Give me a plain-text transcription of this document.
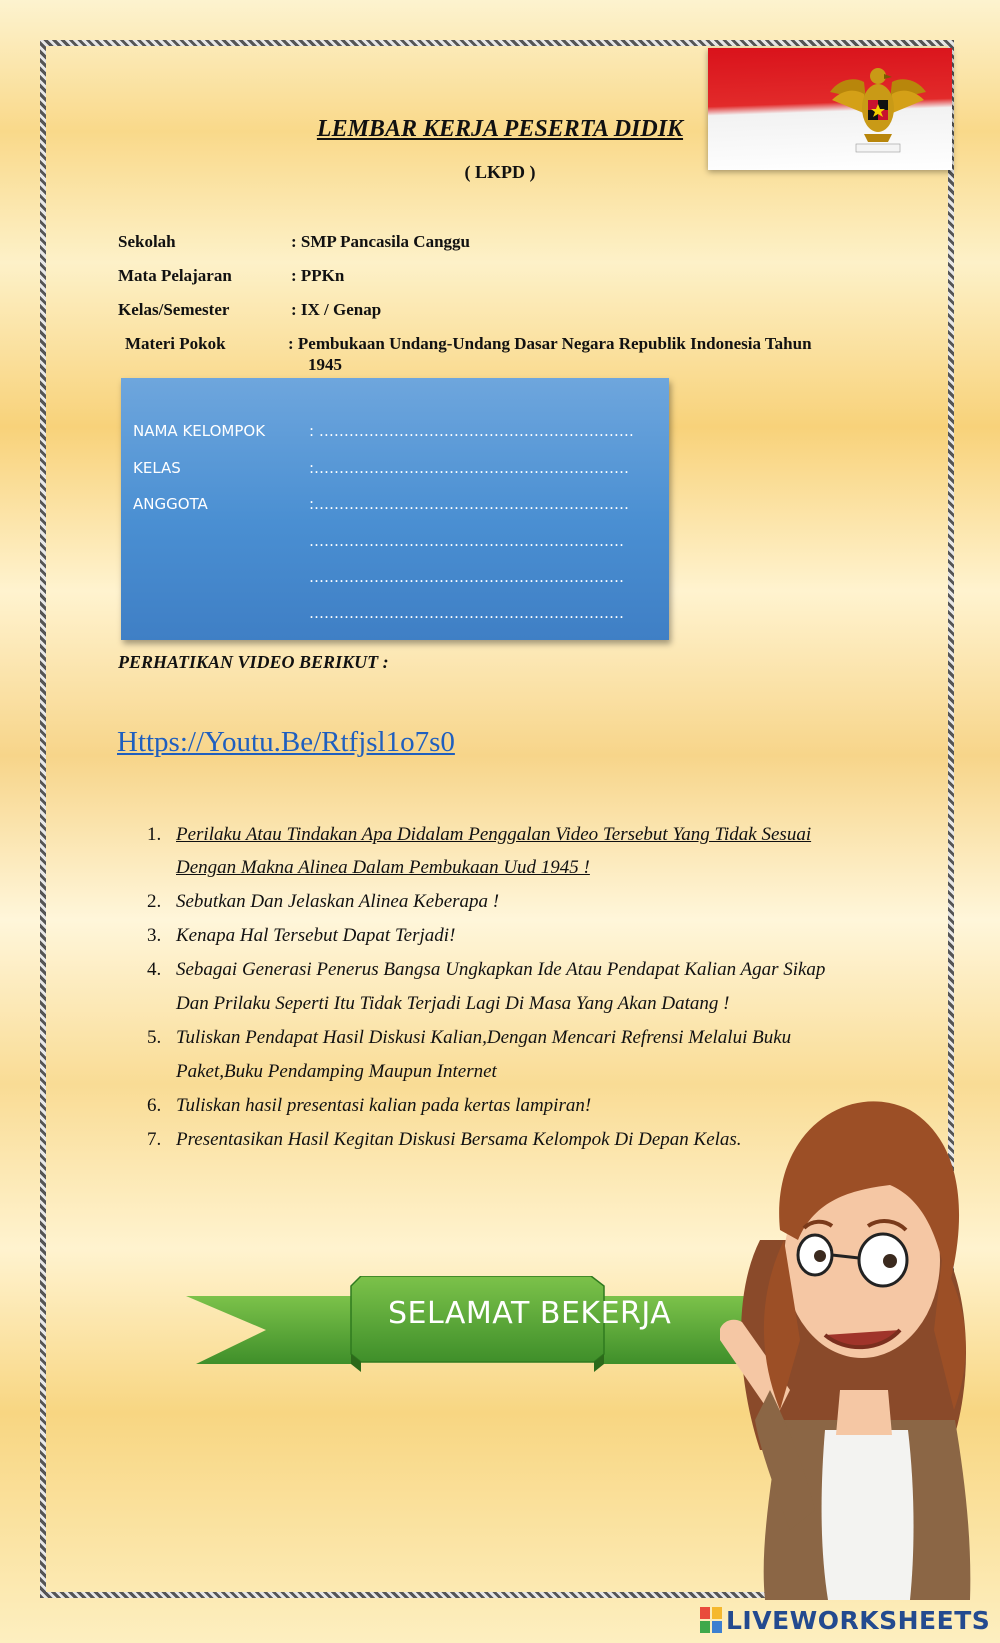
LEMBAR KERJA PESERTA DIDIK
( LKPD )
Sekolah	: SMP Pancasila Canggu
Mata Pelajaran	: PPKn
Kelas/Semester	: IX / Genap
Materi Pokok	: Pembukaan Undang-Undang Dasar Negara Republik Indonesia Tahun
1945
NAMA KELOMPOK	: ………………………………………………………
KELAS	:………………………………………………………
ANGGOTA	:………………………………………………………
………………………………………………………
………………………………………………………
………………………………………………………
PERHATIKAN VIDEO BERIKUT :
Https://Youtu.Be/Rtfjsl1o7s0
1. Perilaku Atau Tindakan Apa Didalam Penggalan Video Tersebut Yang Tidak Sesuai
Dengan Makna Alinea Dalam Pembukaan Uud 1945 !
2. Sebutkan Dan Jelaskan Alinea Keberapa !
3. Kenapa Hal Tersebut Dapat Terjadi!
4. Sebagai Generasi Penerus Bangsa Ungkapkan Ide Atau Pendapat Kalian Agar Sikap
Dan Prilaku Seperti Itu Tidak Terjadi Lagi Di Masa Yang Akan Datang !
5. Tuliskan Pendapat Hasil Diskusi Kalian,Dengan Mencari Refrensi Melalui Buku
Paket,Buku Pendamping Maupun Internet
6. Tuliskan hasil presentasi kalian pada kertas lampiran!
7. Presentasikan Hasil Kegitan Diskusi Bersama Kelompok Di Depan Kelas.
SELAMAT BEKERJA
LIVEWORKSHEETS
